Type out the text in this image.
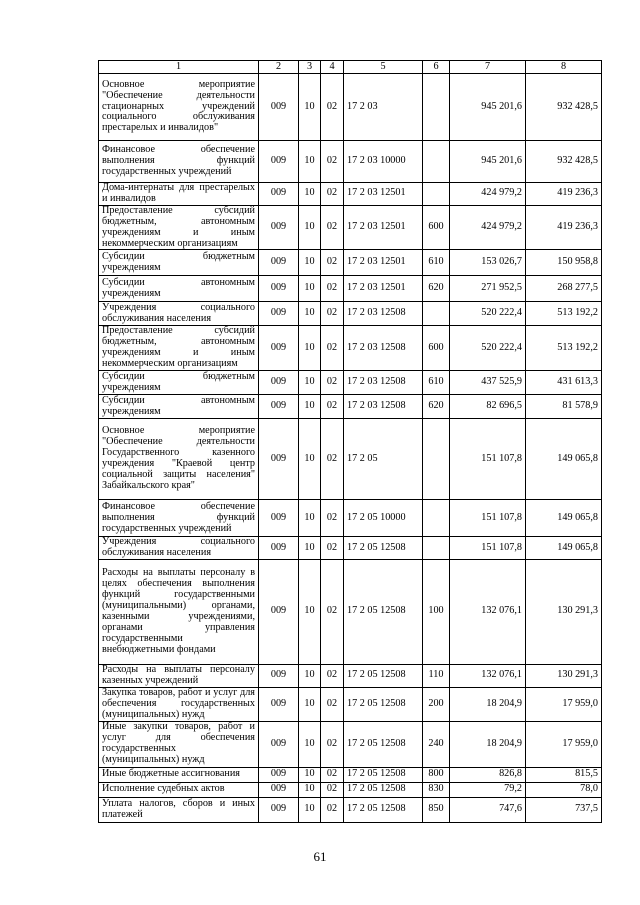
1	2	3	4	5	6	7	8
Основное мероприятие "Обеспечение деятельности стационарных учреждений социального обслуживания престарелых и инвалидов"	009	10	02	17 2 03		945 201,6	932 428,5
Финансовое обеспечение выполнения функций государственных учреждений	009	10	02	17 2 03 10000		945 201,6	932 428,5
Дома-интернаты для престарелых и инвалидов	009	10	02	17 2 03 12501		424 979,2	419 236,3
Предоставление субсидий бюджетным, автономным учреждениям и иным некоммерческим организациям	009	10	02	17 2 03 12501	600	424 979,2	419 236,3
Субсидии бюджетным учреждениям	009	10	02	17 2 03 12501	610	153 026,7	150 958,8
Субсидии автономным учреждениям	009	10	02	17 2 03 12501	620	271 952,5	268 277,5
Учреждения социального обслуживания населения	009	10	02	17 2 03 12508		520 222,4	513 192,2
Предоставление субсидий бюджетным, автономным учреждениям и иным некоммерческим организациям	009	10	02	17 2 03 12508	600	520 222,4	513 192,2
Субсидии бюджетным учреждениям	009	10	02	17 2 03 12508	610	437 525,9	431 613,3
Субсидии автономным учреждениям	009	10	02	17 2 03 12508	620	82 696,5	81 578,9
Основное мероприятие "Обеспечение деятельности Государственного казенного учреждения "Краевой центр социальной защиты населения" Забайкальского края"	009	10	02	17 2 05		151 107,8	149 065,8
Финансовое обеспечение выполнения функций государственных учреждений	009	10	02	17 2 05 10000		151 107,8	149 065,8
Учреждения социального обслуживания населения	009	10	02	17 2 05 12508		151 107,8	149 065,8
Расходы на выплаты персоналу в целях обеспечения выполнения функций государственными (муниципальными) органами, казенными учреждениями, органами управления государственными внебюджетными фондами	009	10	02	17 2 05 12508	100	132 076,1	130 291,3
Расходы на выплаты персоналу казенных учреждений	009	10	02	17 2 05 12508	110	132 076,1	130 291,3
Закупка товаров, работ и услуг для обеспечения государственных (муниципальных) нужд	009	10	02	17 2 05 12508	200	18 204,9	17 959,0
Иные закупки товаров, работ и услуг для обеспечения государственных (муниципальных) нужд	009	10	02	17 2 05 12508	240	18 204,9	17 959,0
Иные бюджетные ассигнования	009	10	02	17 2 05 12508	800	826,8	815,5
Исполнение судебных актов	009	10	02	17 2 05 12508	830	79,2	78,0
Уплата налогов, сборов и иных платежей	009	10	02	17 2 05 12508	850	747,6	737,5
61
